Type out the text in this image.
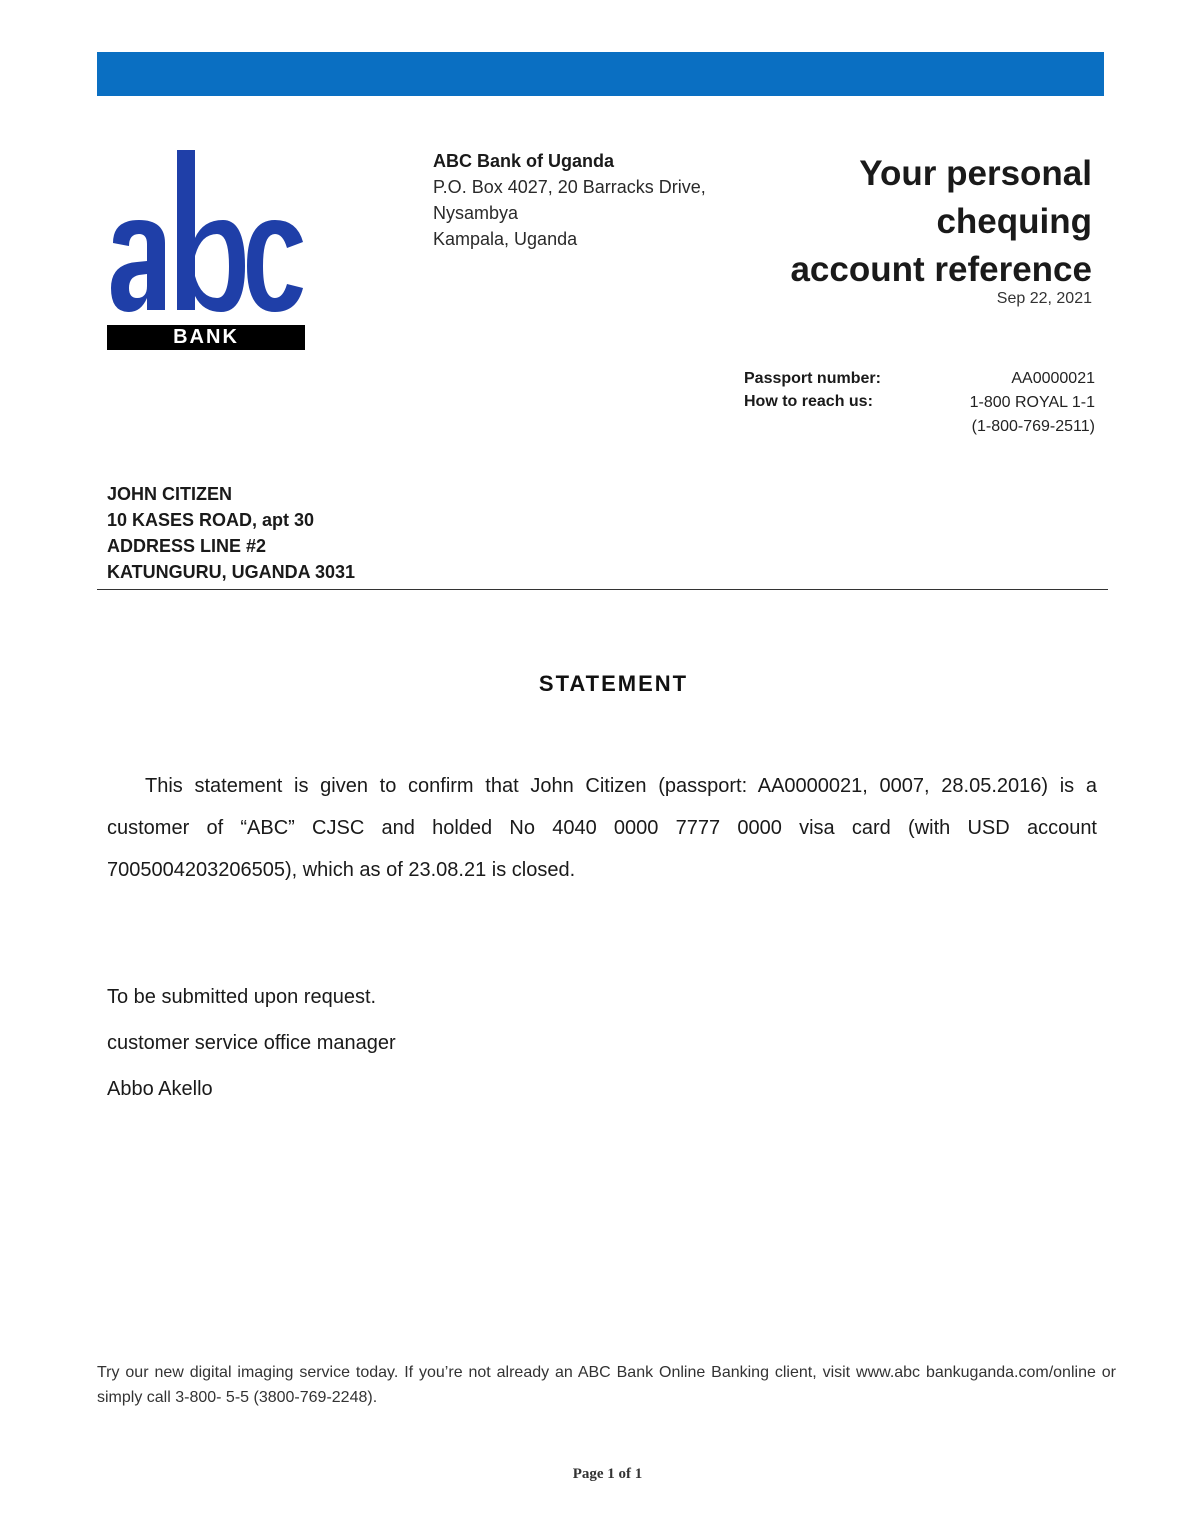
BANK
ABC Bank of Uganda
P.O. Box 4027, 20 Barracks Drive,
Nysambya
Kampala, Uganda
Your personal
chequing
account reference
Sep 22, 2021
Passport number:
How to reach us:
AA0000021
1-800 ROYAL 1-1
(1-800-769-2511)
JOHN CITIZEN
10 KASES ROAD, apt 30
ADDRESS LINE #2
KATUNGURU, UGANDA 3031
STATEMENT
This statement is given to confirm that John Citizen (passport: AA0000021, 0007, 28.05.2016) is a customer of “ABC” CJSC and holded No 4040 0000 7777 0000 visa card (with USD account 7005004203206505), which as of 23.08.21 is closed.
To be submitted upon request.
customer service office manager
Abbo Akello
Try our new digital imaging service today. If you’re not already an ABC Bank Online Banking client, visit www.abc bankuganda.com/online or simply call 3-800- 5-5 (3800-769-2248).
Page 1 of 1
